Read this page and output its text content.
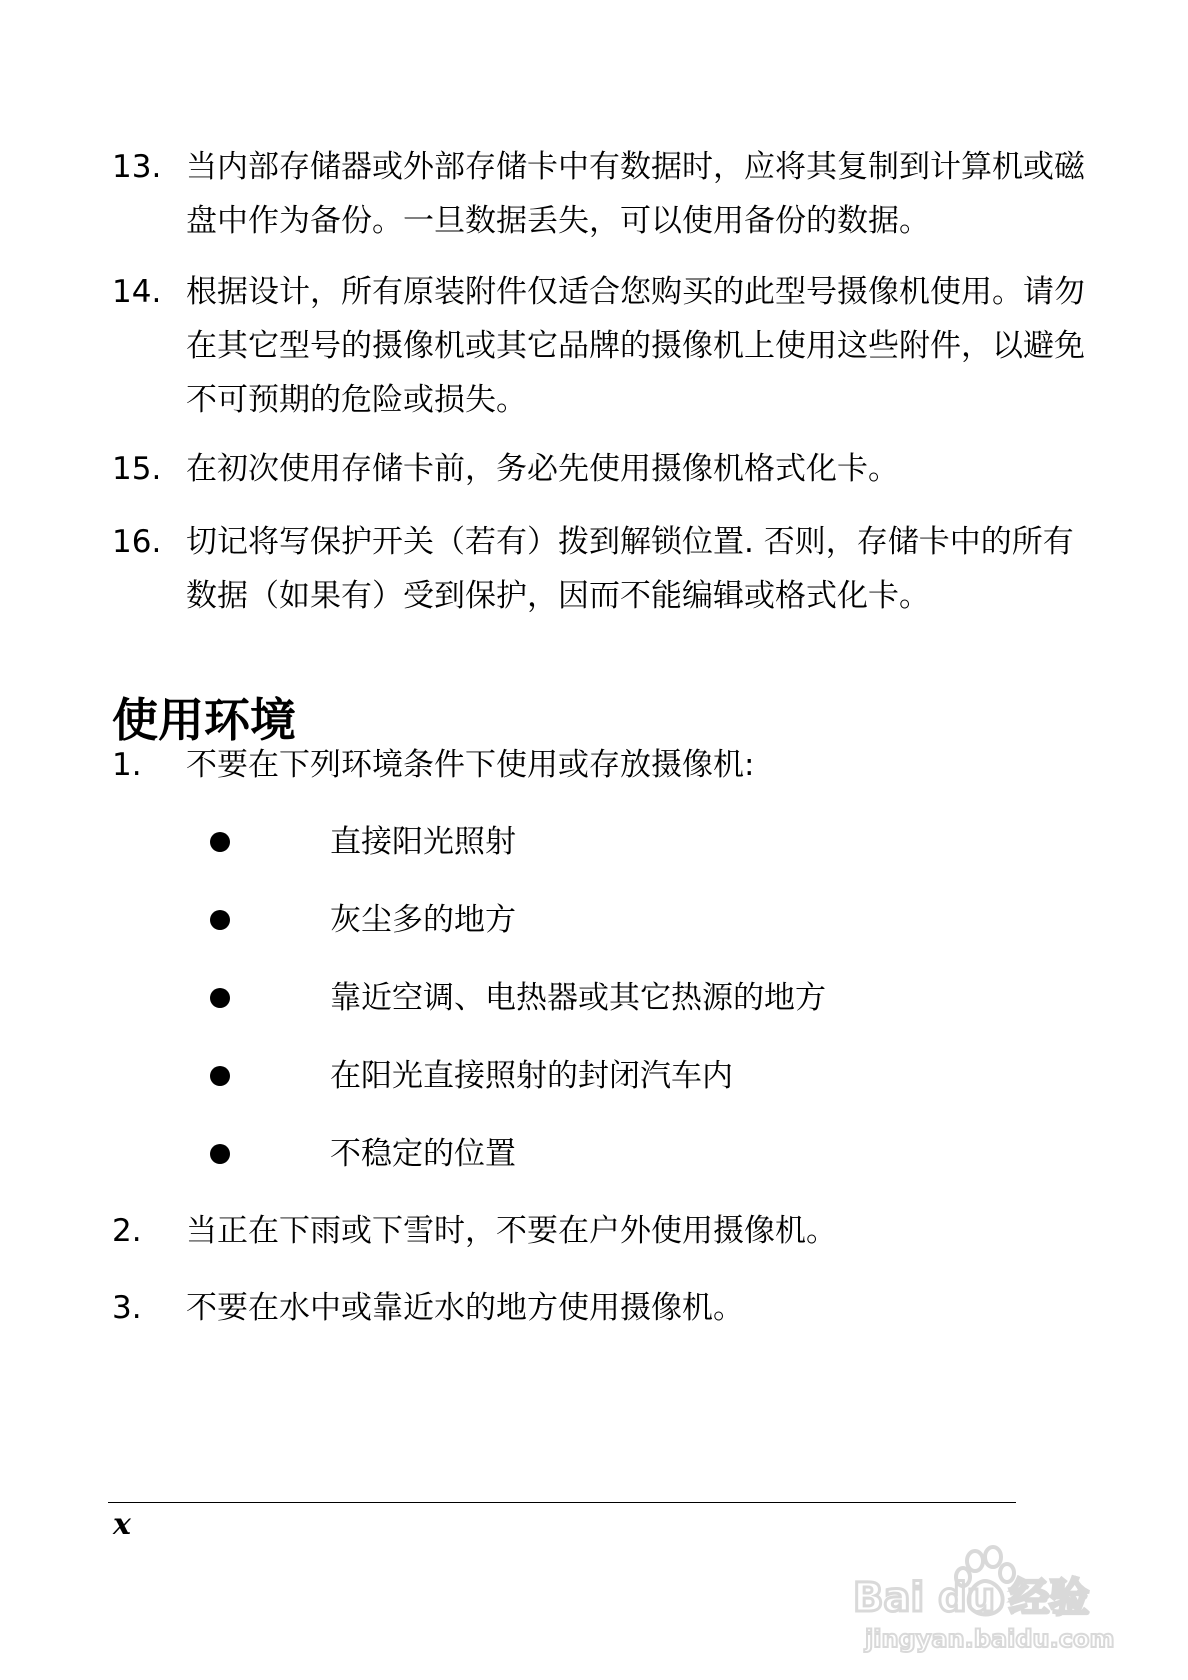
13. 当内部存储器或外部存储卡中有数据时，应将其复制到计算机或磁盘中作为备份。一旦数据丢失，可以使用备份的数据。
14. 根据设计，所有原装附件仅适合您购买的此型号摄像机使用。请勿在其它型号的摄像机或其它品牌的摄像机上使用这些附件，以避免不可预期的危险或损失。
15. 在初次使用存储卡前，务必先使用摄像机格式化卡。
16. 切记将写保护开关（若有）拨到解锁位置. 否则，存储卡中的所有数据（如果有）受到保护，因而不能编辑或格式化卡。
使用环境
1.	不要在下列环境条件下使用或存放摄像机:
直接阳光照射
灰尘多的地方
靠近空调、电热器或其它热源的地方
在阳光直接照射的封闭汽车内
不稳定的位置
2.	当正在下雨或下雪时，不要在户外使用摄像机。
3.	不要在水中或靠近水的地方使用摄像机。
x
Bai du 经验
jingyan.baidu.com
